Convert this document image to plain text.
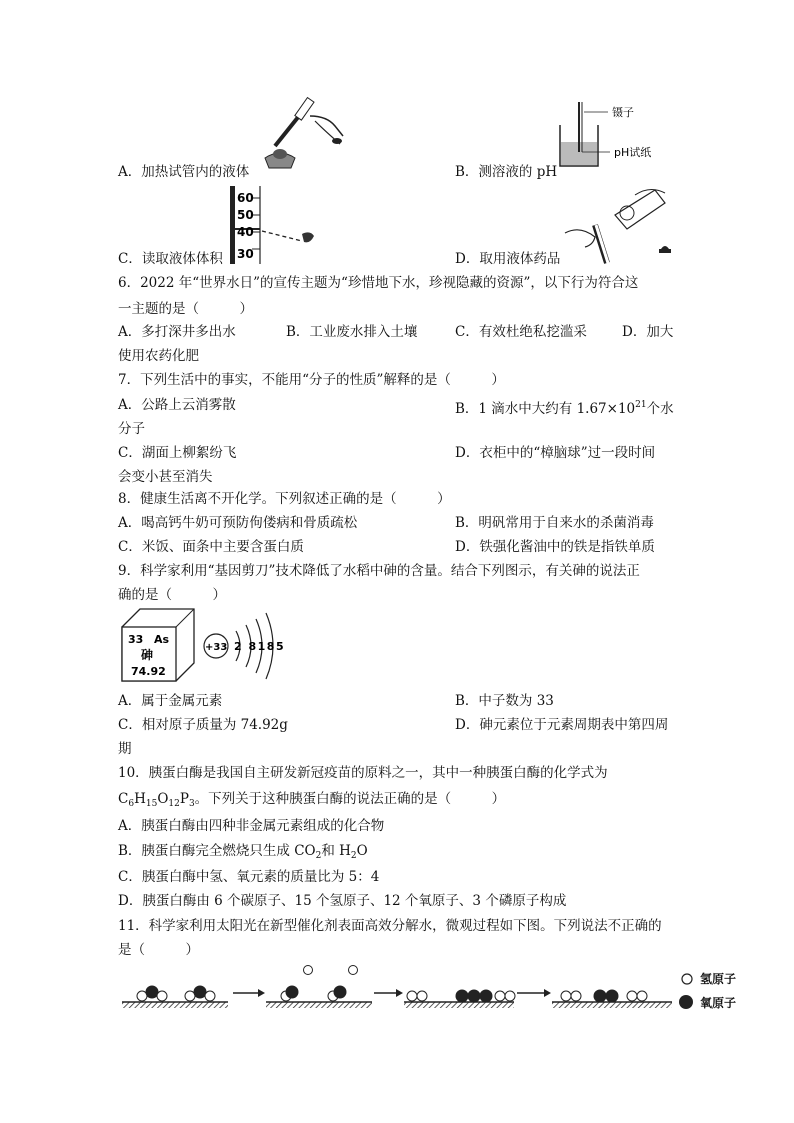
A．加热试管内的液体
镊子
pH试纸
B．测溶液的 pH
60
50
40
30
C．读取液体体积	D．取用液体药品
6．2022 年“世界水日”的宣传主题为“珍惜地下水，珍视隐藏的资源”，以下行为符合这
一主题的是（　　　）
A．多打深井多出水	B．工业废水排入土壤	C．有效杜绝私挖滥采	D．加大
使用农药化肥
7．下列生活中的事实，不能用“分子的性质”解释的是（　　　）
A．公路上云消雾散	B．1 滴水中大约有 $1.67\times 10^{21}$个水
分子
C．湖面上柳絮纷飞	D．衣柜中的“樟脑球”过一段时间
会变小甚至消失
8．健康生活离不开化学。下列叙述正确的是（　　　）
A．喝高钙牛奶可预防佝偻病和骨质疏松	B．明矾常用于自来水的杀菌消毒
C．米饭、面条中主要含蛋白质	D．铁强化酱油中的铁是指铁单质
9．科学家利用“基因剪刀”技术降低了水稻中砷的含量。结合下列图示，有关砷的说法正
确的是（　　　）
33 As
砷
74.92
+33 2 8185
A．属于金属元素	B．中子数为 33
C．相对原子质量为 74.92g	D．砷元素位于元素周期表中第四周
期
10．胰蛋白酶是我国自主研发新冠疫苗的原料之一，其中一种胰蛋白酶的化学式为
$C_6H_{15}O_{12}P_3$。下列关于这种胰蛋白酶的说法正确的是（　　　）
A．胰蛋白酶由四种非金属元素组成的化合物
B．胰蛋白酶完全燃烧只生成 $CO_2$和 $H_2O$
C．胰蛋白酶中氢、氧元素的质量比为 5：4
D．胰蛋白酶由 6 个碳原子、15 个氢原子、12 个氧原子、3 个磷原子构成
11．科学家利用太阳光在新型催化剂表面高效分解水，微观过程如下图。下列说法不正确的
是（　　　）
氢原子
氧原子
